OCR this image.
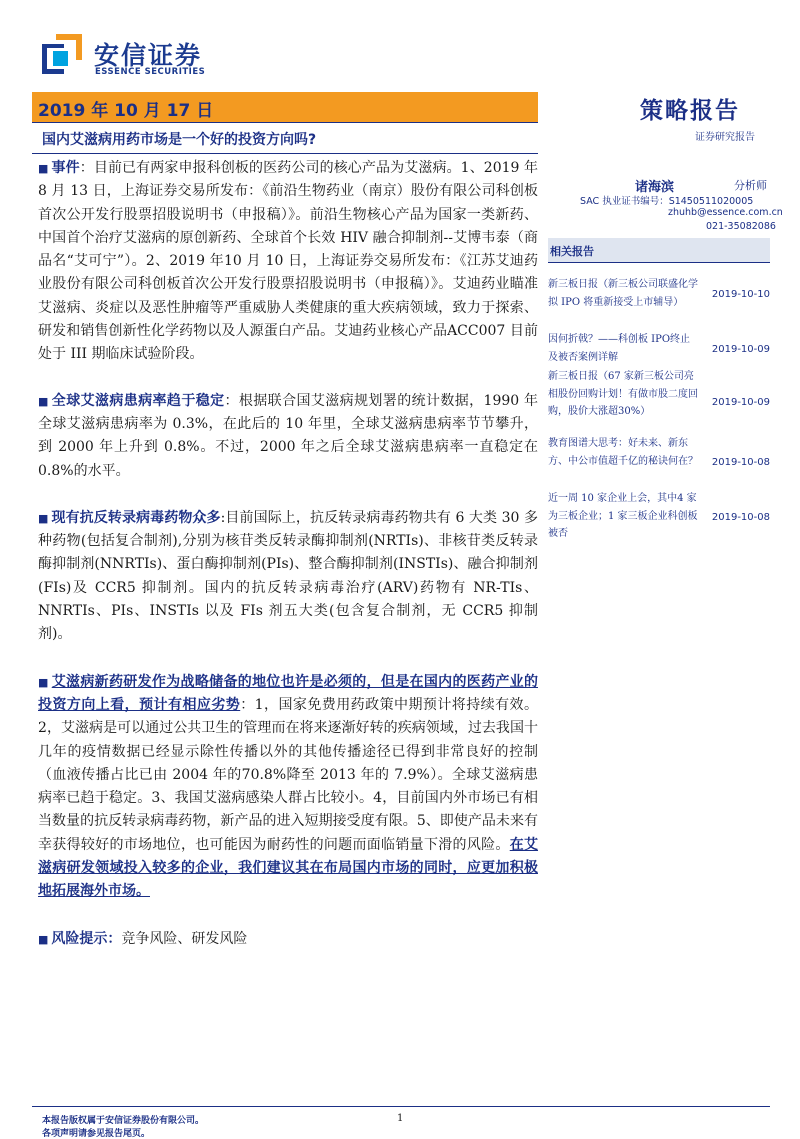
安信证券
ESSENCE SECURITIES
2019 年 10 月 17 日
国内艾滋病用药市场是一个好的投资方向吗?
策略报告
证券研究报告

■ 事件：目前已有两家申报科创板的医药公司的核心产品为艾滋病。1、2019 年 8 月 13 日，上海证券交易所发布：《前沿生物药业（南京）股份有限公司科创板首次公开发行股票招股说明书（申报稿）》。前沿生物核心产品为国家一类新药、中国首个治疗艾滋病的原创新药、全球首个长效 HIV 融合抑制剂--艾博韦泰（商品名“艾可宁”）。2、2019 年10 月 10 日，上海证券交易所发布：《江苏艾迪药业股份有限公司科创板首次公开发行股票招股说明书（申报稿）》。艾迪药业瞄准艾滋病、炎症以及恶性肿瘤等严重威胁人类健康的重大疾病领域，致力于探索、研发和销售创新性化学药物以及人源蛋白产品。艾迪药业核心产品ACC007 目前处于 III 期临床试验阶段。

■ 全球艾滋病患病率趋于稳定：根据联合国艾滋病规划署的统计数据，1990 年全球艾滋病患病率为 0.3%，在此后的 10 年里，全球艾滋病患病率节节攀升，到 2000 年上升到 0.8%。不过，2000 年之后全球艾滋病患病率一直稳定在 0.8%的水平。

■ 现有抗反转录病毒药物众多:目前国际上，抗反转录病毒药物共有 6 大类 30 多种药物(包括复合制剂),分别为核苷类反转录酶抑制剂(NRTIs)、非核苷类反转录酶抑制剂(NNRTIs)、蛋白酶抑制剂(PIs)、整合酶抑制剂(INSTIs)、融合抑制剂(FIs)及 CCR5 抑制剂。国内的抗反转录病毒治疗(ARV)药物有 NR-TIs、NNRTIs、PIs、INSTIs 以及 FIs 剂五大类(包含复合制剂，无 CCR5 抑制剂)。

■ 艾滋病新药研发作为战略储备的地位也许是必须的，但是在国内的医药产业的投资方向上看，预计有相应劣势：1，国家免费用药政策中期预计将持续有效。2，艾滋病是可以通过公共卫生的管理而在将来逐渐好转的疾病领域，过去我国十几年的疫情数据已经显示除性传播以外的其他传播途径已得到非常良好的控制（血液传播占比已由 2004 年的70.8%降至 2013 年的 7.9%）。全球艾滋病患病率已趋于稳定。3、我国艾滋病感染人群占比较小。4，目前国内外市场已有相当数量的抗反转录病毒药物，新产品的进入短期接受度有限。5、即使产品未来有幸获得较好的市场地位，也可能因为耐药性的问题而面临销量下滑的风险。在艾滋病研发领域投入较多的企业，我们建议其在布局国内市场的同时，应更加积极地拓展海外市场。

■ 风险提示：竞争风险、研发风险

诸海滨	分析师
SAC 执业证书编号：S1450511020005
zhuhb@essence.com.cn
021-35082086
相关报告
新三板日报（新三板公司联盛化学拟 IPO 将重新接受上市辅导）
2019-10-10
因何折戟？——科创板 IPO终止及被否案例详解
2019-10-09
新三板日报（67 家新三板公司亮相股份回购计划！有做市股二度回购，股价大涨超30%）
2019-10-09
教育图谱大思考：好未来、新东方、中公市值超千亿的秘诀何在？ 2019-10-08
近一周 10 家企业上会，其中4 家为三板企业；1 家三板企业科创板被否
2019-10-08
本报告版权属于安信证券股份有限公司。
各项声明请参见报告尾页。
1
